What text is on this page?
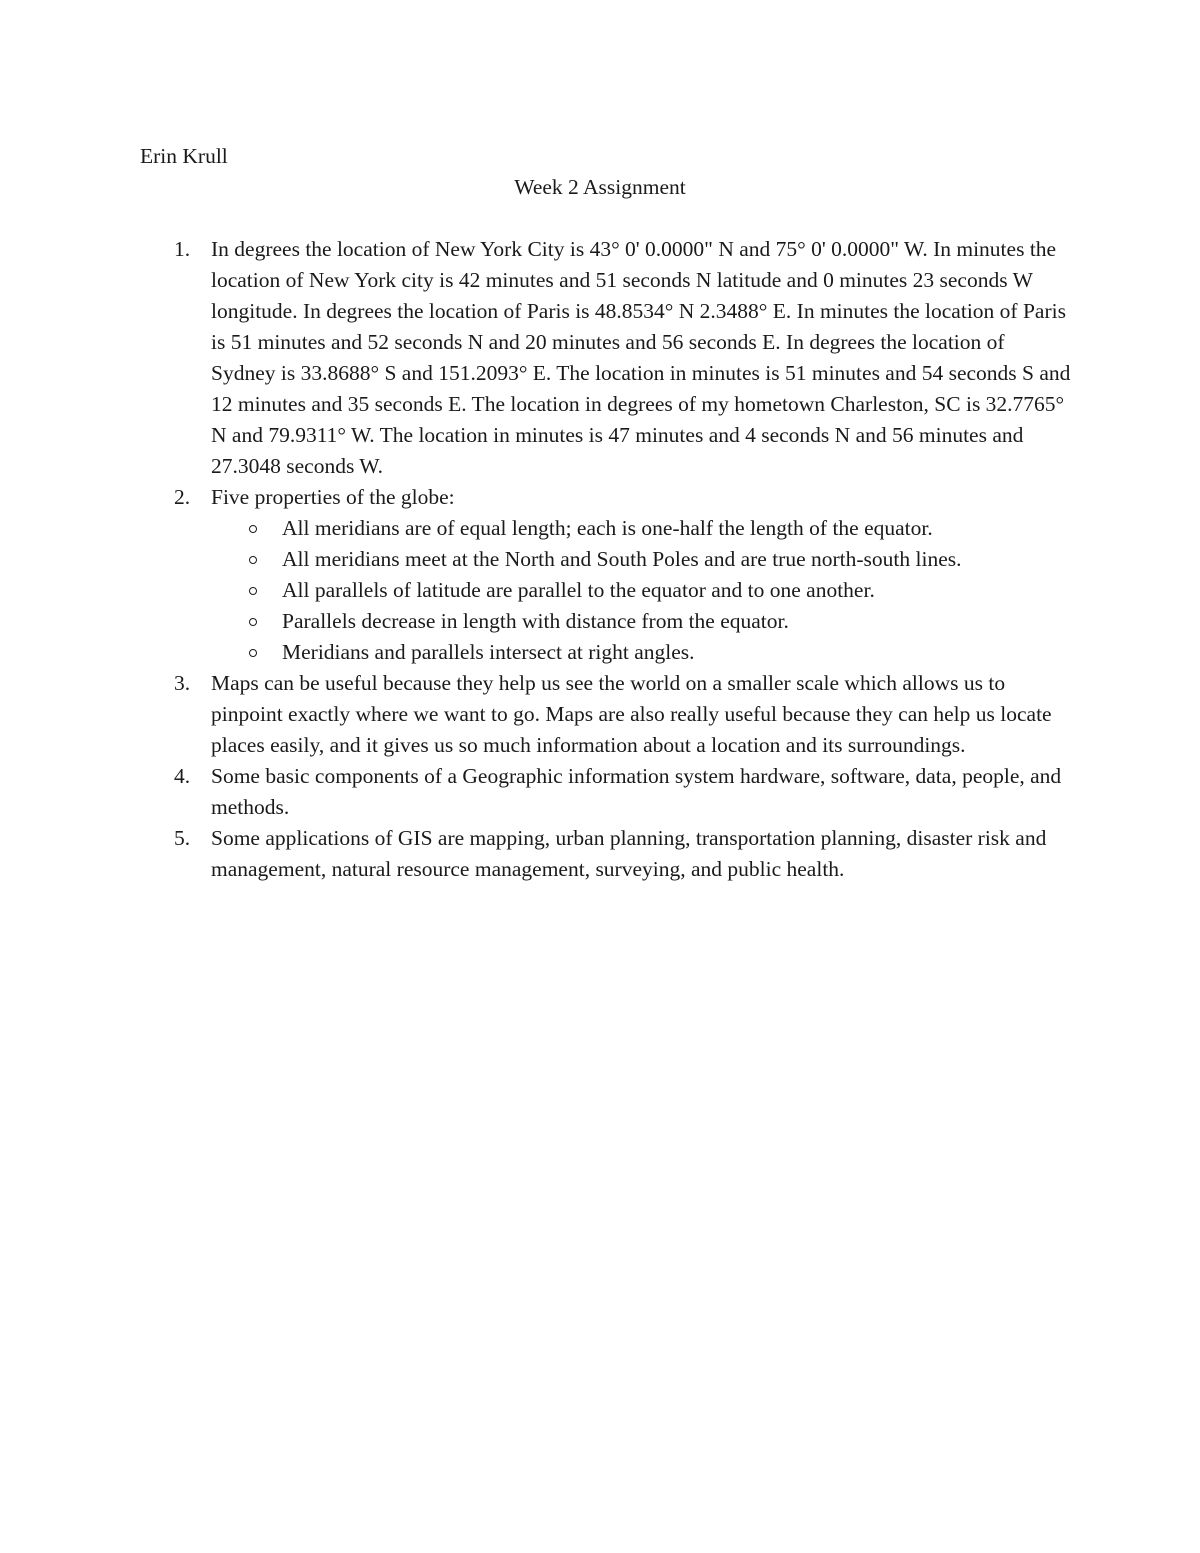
Erin Krull
Week 2 Assignment
1. In degrees the location of New York City is 43° 0' 0.0000" N and 75° 0' 0.0000" W. In minutes the location of New York city is 42 minutes and 51 seconds N latitude and 0 minutes 23 seconds W longitude. In degrees the location of Paris is 48.8534° N 2.3488° E. In minutes the location of Paris is 51 minutes and 52 seconds N and 20 minutes and 56 seconds E. In degrees the location of Sydney is 33.8688° S and 151.2093° E. The location in minutes is 51 minutes and 54 seconds S and 12 minutes and 35 seconds E. The location in degrees of my hometown Charleston, SC is 32.7765° N and 79.9311° W. The location in minutes is 47 minutes and 4 seconds N and 56 minutes and 27.3048 seconds W.
2. Five properties of the globe:
All meridians are of equal length; each is one-half the length of the equator.
All meridians meet at the North and South Poles and are true north-south lines.
All parallels of latitude are parallel to the equator and to one another.
Parallels decrease in length with distance from the equator.
Meridians and parallels intersect at right angles.
3. Maps can be useful because they help us see the world on a smaller scale which allows us to pinpoint exactly where we want to go. Maps are also really useful because they can help us locate places easily, and it gives us so much information about a location and its surroundings.
4. Some basic components of a Geographic information system hardware, software, data, people, and methods.
5. Some applications of GIS are mapping, urban planning, transportation planning, disaster risk and management, natural resource management, surveying, and public health.
